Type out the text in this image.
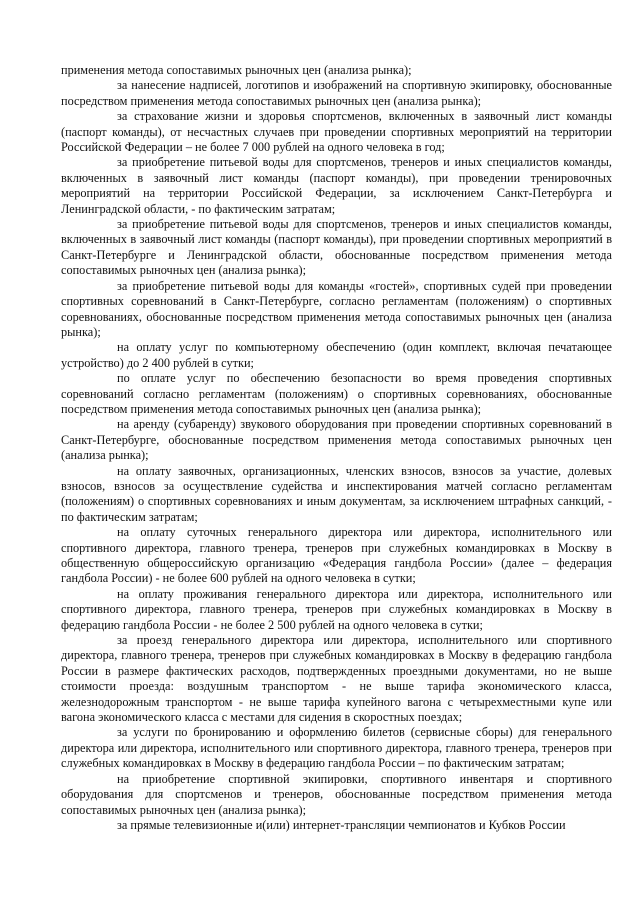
применения метода сопоставимых рыночных цен (анализа рынка);

за нанесение надписей, логотипов и изображений на спортивную экипировку, обоснованные посредством применения метода сопоставимых рыночных цен (анализа рынка);

за страхование жизни и здоровья спортсменов, включенных в заявочный лист команды (паспорт команды), от несчастных случаев при проведении спортивных мероприятий на территории Российской Федерации – не более 7 000 рублей на одного человека в год;

за приобретение питьевой воды для спортсменов, тренеров и иных специалистов команды, включенных в заявочный лист команды (паспорт команды), при проведении тренировочных мероприятий на территории Российской Федерации, за исключением Санкт-Петербурга и Ленинградской области, - по фактическим затратам;

за приобретение питьевой воды для спортсменов, тренеров и иных специалистов команды, включенных в заявочный лист команды (паспорт команды), при проведении спортивных мероприятий в Санкт-Петербурге и Ленинградской области, обоснованные посредством применения метода сопоставимых рыночных цен (анализа рынка);

за приобретение питьевой воды для команды «гостей», спортивных судей при проведении спортивных соревнований в Санкт-Петербурге, согласно регламентам (положениям) о спортивных соревнованиях, обоснованные посредством применения метода сопоставимых рыночных цен (анализа рынка);

на оплату услуг по компьютерному обеспечению (один комплект, включая печатающее устройство) до 2 400 рублей в сутки;

по оплате услуг по обеспечению безопасности во время проведения спортивных соревнований согласно регламентам (положениям) о спортивных соревнованиях, обоснованные посредством применения метода сопоставимых рыночных цен (анализа рынка);

на аренду (субаренду) звукового оборудования при проведении спортивных соревнований в Санкт-Петербурге, обоснованные посредством применения метода сопоставимых рыночных цен (анализа рынка);

на оплату заявочных, организационных, членских взносов, взносов за участие, долевых взносов, взносов за осуществление судейства и инспектирования матчей согласно регламентам (положениям) о спортивных соревнованиях и иным документам, за исключением штрафных санкций, - по фактическим затратам;

на оплату суточных генерального директора или директора, исполнительного или спортивного директора, главного тренера, тренеров при служебных командировках в Москву в общественную общероссийскую организацию «Федерация гандбола России» (далее – федерация гандбола России) - не более 600 рублей на одного человека в сутки;

на оплату проживания генерального директора или директора, исполнительного или спортивного директора, главного тренера, тренеров при служебных командировках в Москву в федерацию гандбола России - не более 2 500 рублей на одного человека в сутки;

за проезд генерального директора или директора, исполнительного или спортивного директора, главного тренера, тренеров при служебных командировках в Москву в федерацию гандбола России в размере фактических расходов, подтвержденных проездными документами, но не выше стоимости проезда: воздушным транспортом - не выше тарифа экономического класса, железнодорожным транспортом - не выше тарифа купейного вагона с четырехместными купе или вагона экономического класса с местами для сидения в скоростных поездах;

за услуги по бронированию и оформлению билетов (сервисные сборы) для генерального директора или директора, исполнительного или спортивного директора, главного тренера, тренеров при служебных командировках в Москву в федерацию гандбола России – по фактическим затратам;

на приобретение спортивной экипировки, спортивного инвентаря и спортивного оборудования для спортсменов и тренеров, обоснованные посредством применения метода сопоставимых рыночных цен (анализа рынка);

за прямые телевизионные и(или) интернет-трансляции чемпионатов и Кубков России
